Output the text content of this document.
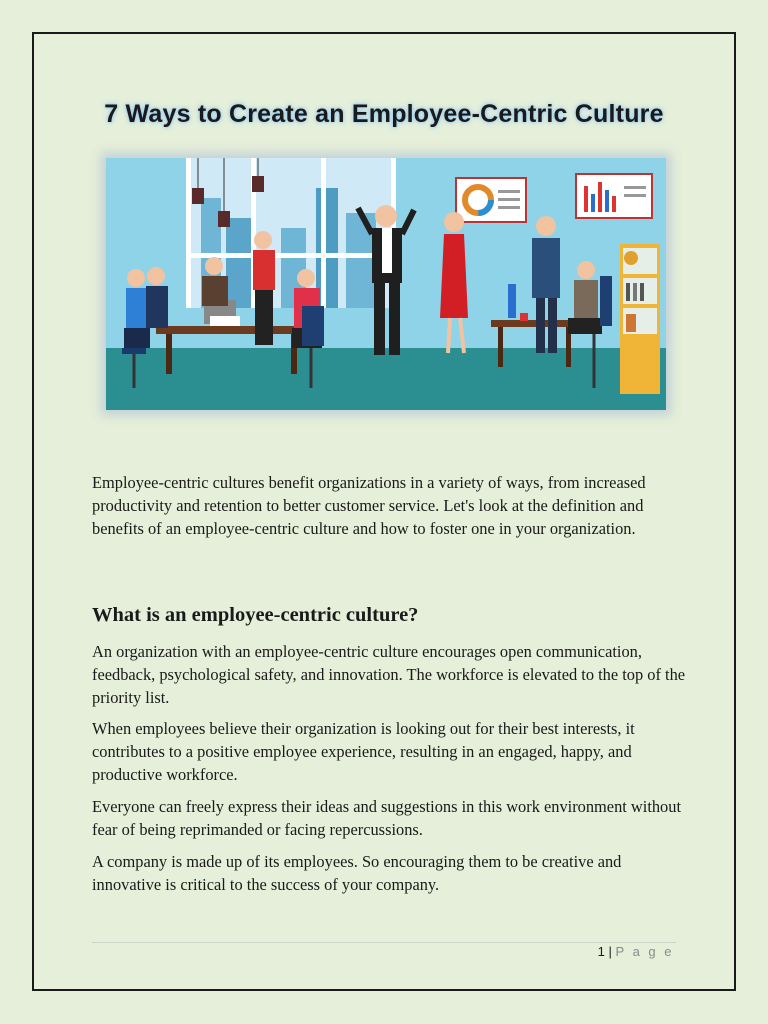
7 Ways to Create an Employee-Centric Culture

Employee-centric cultures benefit organizations in a variety of ways, from increased productivity and retention to better customer service. Let's look at the definition and benefits of an employee-centric culture and how to foster one in your organization.

What is an employee-centric culture?

An organization with an employee-centric culture encourages open communication, feedback, psychological safety, and innovation. The workforce is elevated to the top of the priority list.

When employees believe their organization is looking out for their best interests, it contributes to a positive employee experience, resulting in an engaged, happy, and productive workforce.

Everyone can freely express their ideas and suggestions in this work environment without fear of being reprimanded or facing repercussions.

A company is made up of its employees. So encouraging them to be creative and innovative is critical to the success of your company.

1 | P a g e
